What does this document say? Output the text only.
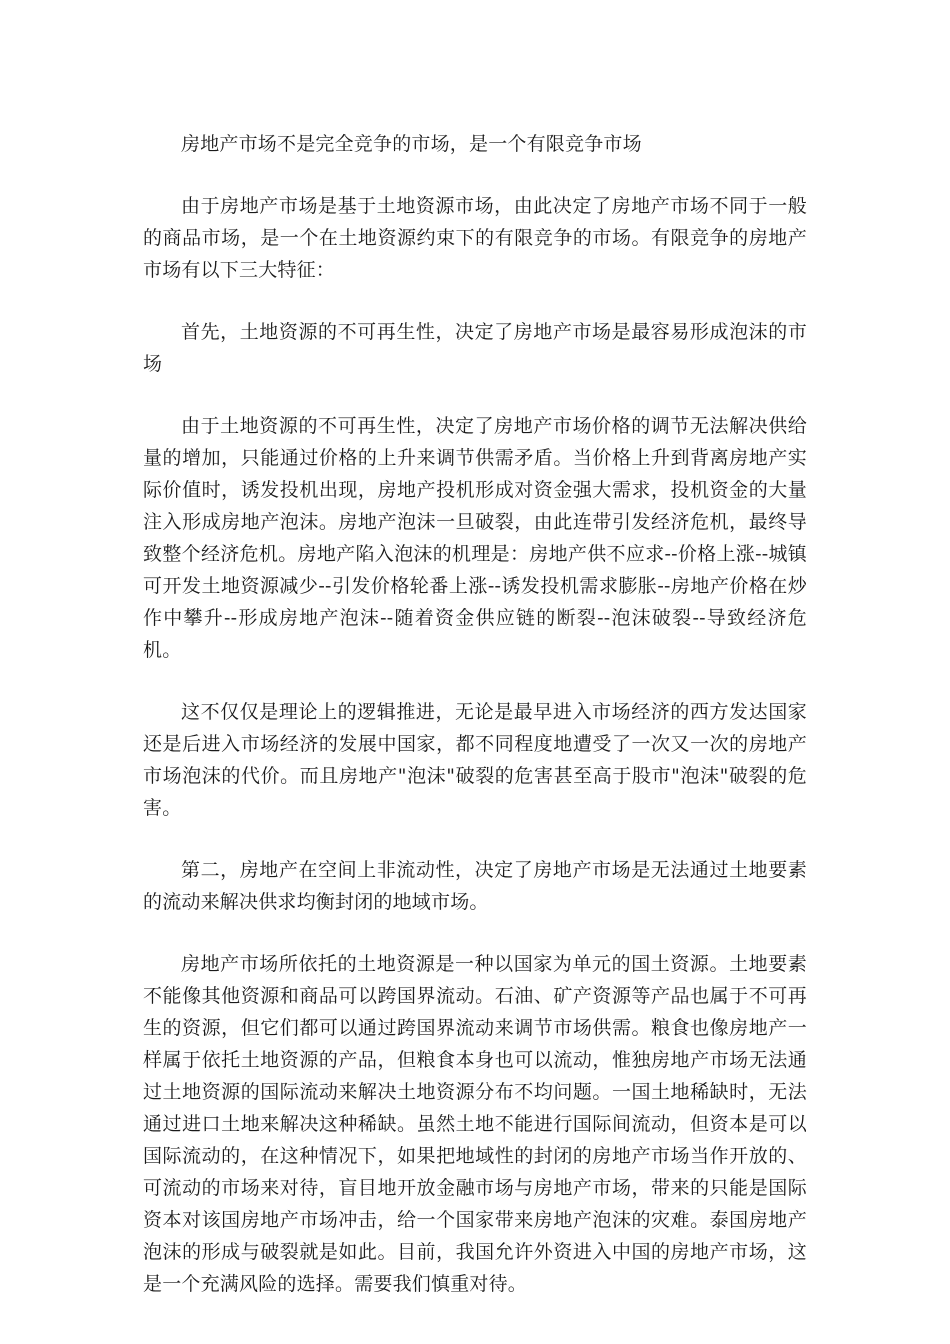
房地产市场不是完全竞争的市场，是一个有限竞争市场

由于房地产市场是基于土地资源市场，由此决定了房地产市场不同于一般的商品市场，是一个在土地资源约束下的有限竞争的市场。有限竞争的房地产市场有以下三大特征：

首先，土地资源的不可再生性，决定了房地产市场是最容易形成泡沫的市场

由于土地资源的不可再生性，决定了房地产市场价格的调节无法解决供给量的增加，只能通过价格的上升来调节供需矛盾。当价格上升到背离房地产实际价值时，诱发投机出现，房地产投机形成对资金强大需求，投机资金的大量注入形成房地产泡沫。房地产泡沫一旦破裂，由此连带引发经济危机，最终导致整个经济危机。房地产陷入泡沫的机理是：房地产供不应求--价格上涨--城镇可开发土地资源减少--引发价格轮番上涨--诱发投机需求膨胀--房地产价格在炒作中攀升--形成房地产泡沫--随着资金供应链的断裂--泡沫破裂--导致经济危机。

这不仅仅是理论上的逻辑推进，无论是最早进入市场经济的西方发达国家还是后进入市场经济的发展中国家，都不同程度地遭受了一次又一次的房地产市场泡沫的代价。而且房地产"泡沫"破裂的危害甚至高于股市"泡沫"破裂的危害。

第二，房地产在空间上非流动性，决定了房地产市场是无法通过土地要素的流动来解决供求均衡封闭的地域市场。

房地产市场所依托的土地资源是一种以国家为单元的国土资源。土地要素不能像其他资源和商品可以跨国界流动。石油、矿产资源等产品也属于不可再生的资源，但它们都可以通过跨国界流动来调节市场供需。粮食也像房地产一样属于依托土地资源的产品，但粮食本身也可以流动，惟独房地产市场无法通过土地资源的国际流动来解决土地资源分布不均问题。一国土地稀缺时，无法通过进口土地来解决这种稀缺。虽然土地不能进行国际间流动，但资本是可以国际流动的，在这种情况下，如果把地域性的封闭的房地产市场当作开放的、可流动的市场来对待，盲目地开放金融市场与房地产市场，带来的只能是国际资本对该国房地产市场冲击，给一个国家带来房地产泡沫的灾难。泰国房地产泡沫的形成与破裂就是如此。目前，我国允许外资进入中国的房地产市场，这是一个充满风险的选择。需要我们慎重对待。
